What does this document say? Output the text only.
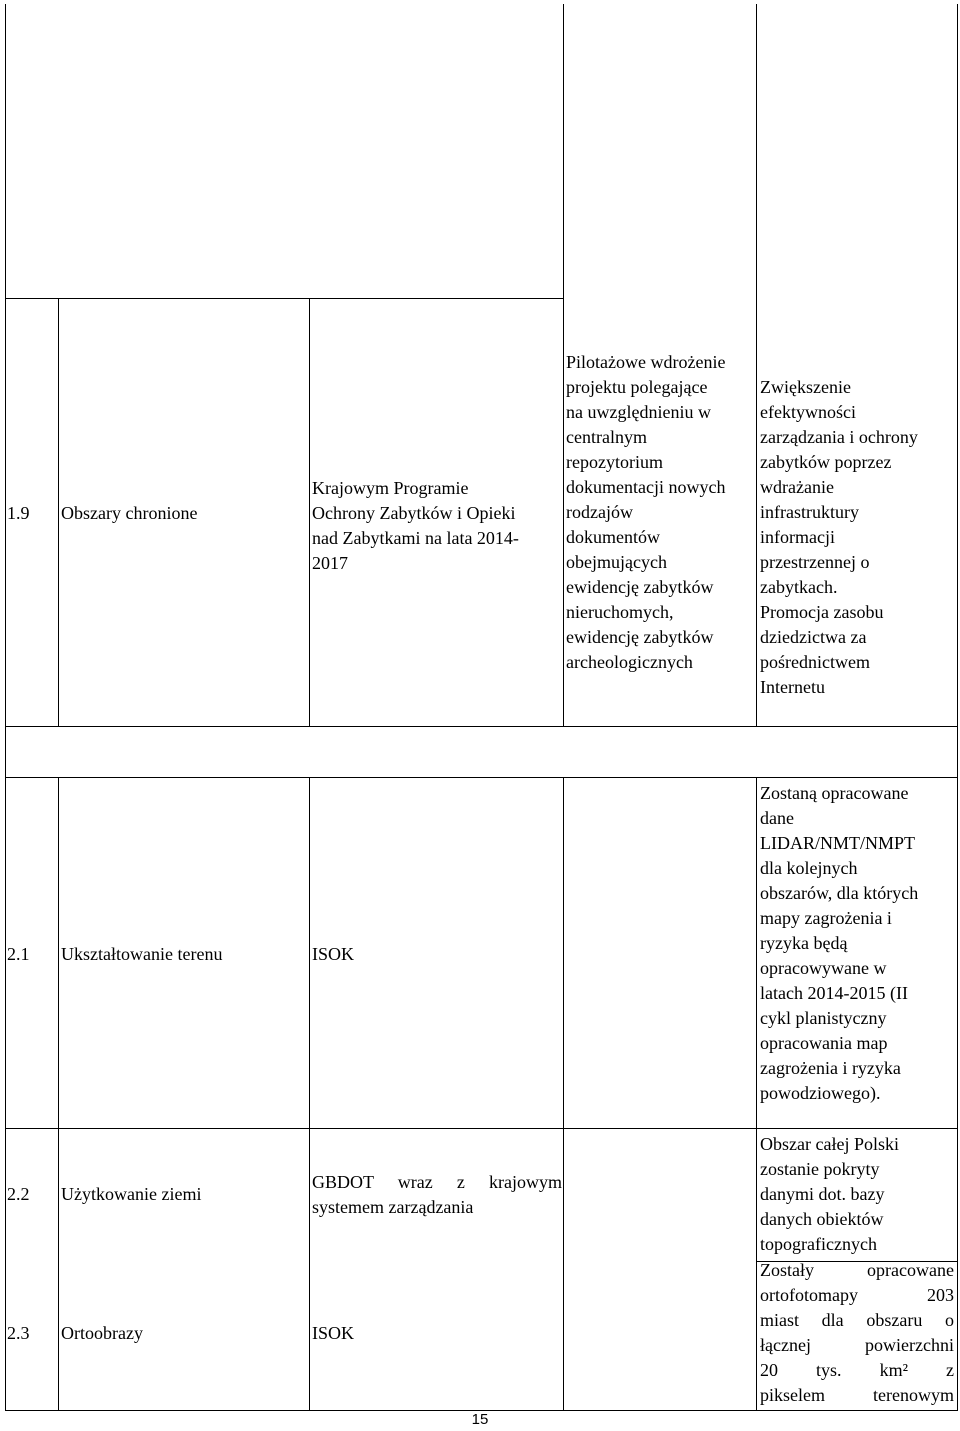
1.9 Obszary chronione
Krajowym Programie
Ochrony Zabytków i Opieki
nad Zabytkami na lata 2014-
2017
Pilotażowe wdrożenie
projektu polegające
na uwzględnieniu w
centralnym
repozytorium
dokumentacji nowych
rodzajów
dokumentów
obejmujących
ewidencję zabytków
nieruchomych,
ewidencję zabytków
archeologicznych
Zwiększenie
efektywności
zarządzania i ochrony
zabytków poprzez
wdrażanie
infrastruktury
informacji
przestrzennej o
zabytkach.
Promocja zasobu
dziedzictwa za
pośrednictwem
Internetu
2.1 Ukształtowanie terenu	ISOK
Zostaną opracowane
dane
LIDAR/NMT/NMPT
dla kolejnych
obszarów, dla których
mapy zagrożenia i
ryzyka będą
opracowywane w
latach 2014-2015 (II
cykl planistyczny
opracowania map
zagrożenia i ryzyka
powodziowego).
2.2 Użytkowanie ziemi
GBDOT wraz z krajowym
systemem zarządzania
Obszar całej Polski
zostanie pokryty
danymi dot. bazy
danych obiektów
topograficznych
2.3 Ortoobrazy	ISOK
Zostały opracowane
ortofotomapy 203
miast dla obszaru o
łącznej powierzchni
20 tys. km² z
pikselem terenowym
15
